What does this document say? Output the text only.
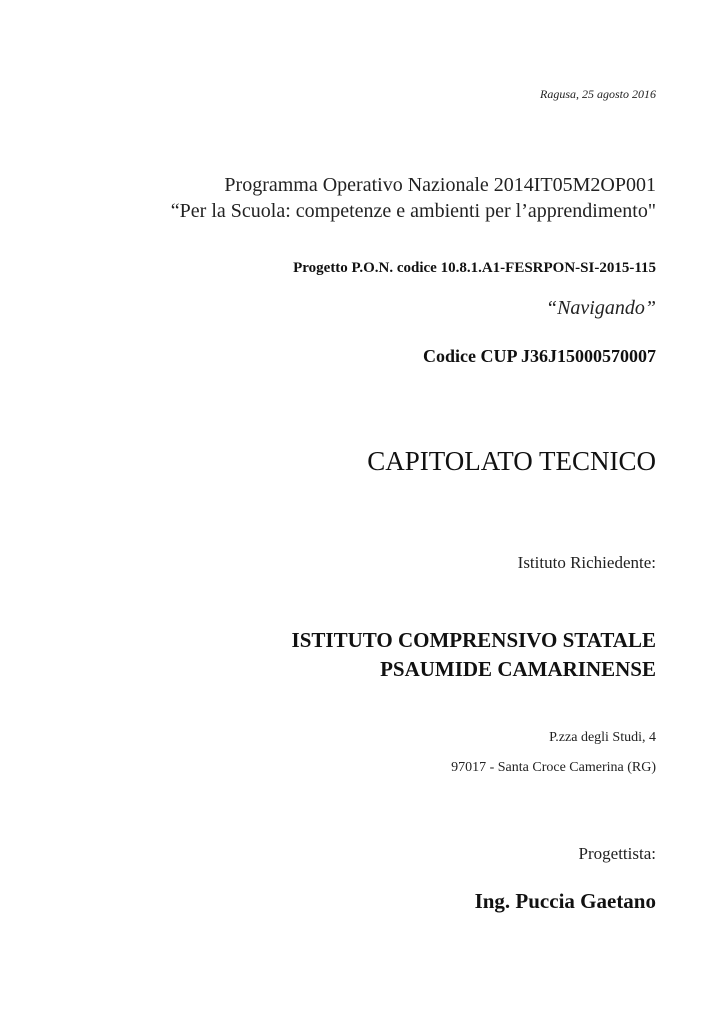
Ragusa, 25 agosto 2016
Programma Operativo Nazionale 2014IT05M2OP001
“Per la Scuola: competenze e ambienti per l’apprendimento"
Progetto P.O.N. codice 10.8.1.A1-FESRPON-SI-2015-115
“Navigando”
Codice CUP J36J15000570007
CAPITOLATO TECNICO
Istituto Richiedente:
ISTITUTO COMPRENSIVO STATALE
PSAUMIDE CAMARINENSE
P.zza degli Studi, 4
97017 - Santa Croce Camerina (RG)
Progettista:
Ing. Puccia Gaetano
